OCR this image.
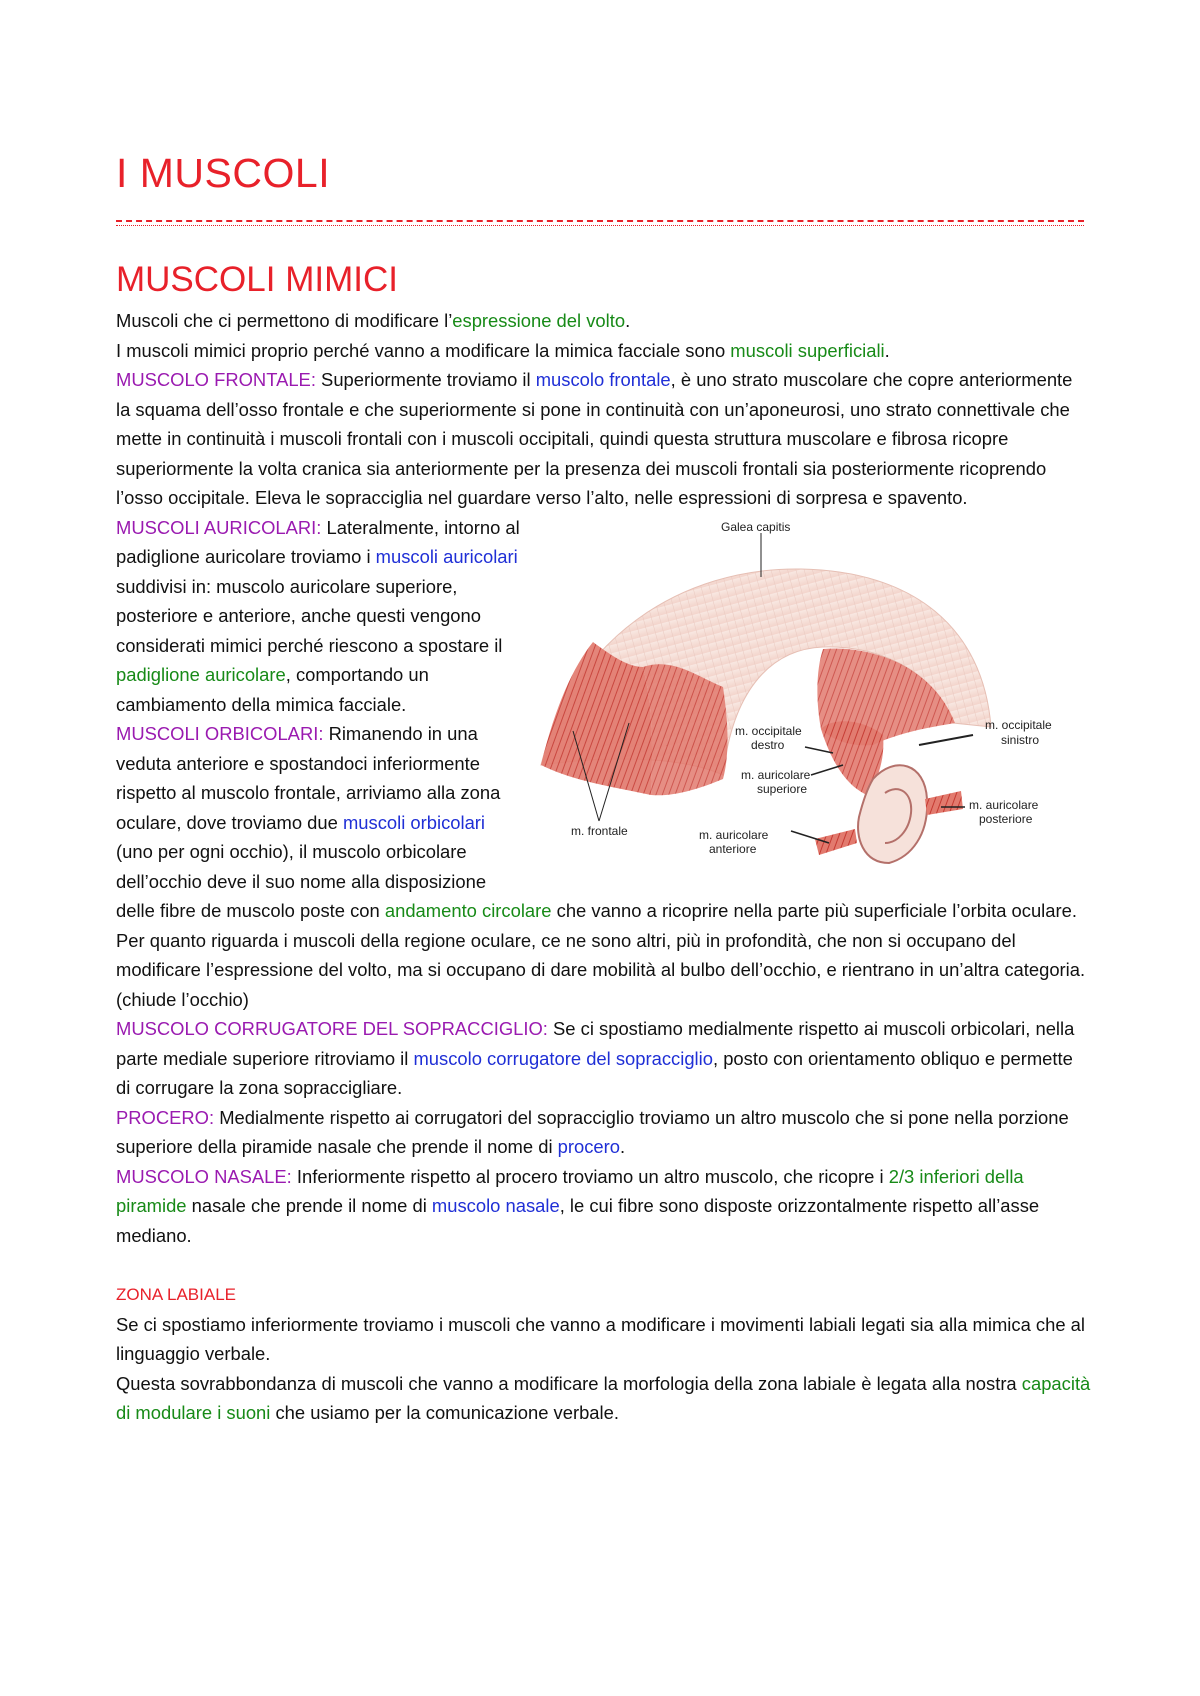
I MUSCOLI
MUSCOLI MIMICI

Muscoli che ci permettono di modificare l’espressione del volto.

I muscoli mimici proprio perché vanno a modificare la mimica facciale sono muscoli superficiali.

MUSCOLO FRONTALE: Superiormente troviamo il muscolo frontale, è uno strato muscolare che copre anteriormente la squama dell’osso frontale e che superiormente si pone in continuità con un’aponeurosi, uno strato connettivale che mette in continuità i muscoli frontali con i muscoli occipitali, quindi questa struttura muscolare e fibrosa ricopre superiormente la volta cranica sia anteriormente per la presenza dei muscoli frontali sia posteriormente ricoprendo l’osso occipitale. Eleva le sopracciglia nel guardare verso l’alto, nelle espressioni di sorpresa e spavento.

Galea capitis
m. occipitale
destro
m. auricolare
superiore
m. occipitale
sinistro
m. auricolare
posteriore
m. auricolare
anteriore
m. frontale

MUSCOLI AURICOLARI: Lateralmente, intorno al padiglione auricolare troviamo i muscoli auricolari suddivisi in: muscolo auricolare superiore, posteriore e anteriore, anche questi vengono considerati mimici perché riescono a spostare il padiglione auricolare, comportando un cambiamento della mimica facciale.

MUSCOLI ORBICOLARI: Rimanendo in una veduta anteriore e spostandoci inferiormente rispetto al muscolo frontale, arriviamo alla zona oculare, dove troviamo due muscoli orbicolari (uno per ogni occhio), il muscolo orbicolare dell’occhio deve il suo nome alla disposizione delle fibre de muscolo poste con andamento circolare che vanno a ricoprire nella parte più superficiale l’orbita oculare.

Per quanto riguarda i muscoli della regione oculare, ce ne sono altri, più in profondità, che non si occupano del modificare l’espressione del volto, ma si occupano di dare mobilità al bulbo dell’occhio, e rientrano in un’altra categoria. (chiude l’occhio)

MUSCOLO CORRUGATORE DEL SOPRACCIGLIO: Se ci spostiamo medialmente rispetto ai muscoli orbicolari, nella parte mediale superiore ritroviamo il muscolo corrugatore del sopracciglio, posto con orientamento obliquo e permette di corrugare la zona sopraccigliare.

PROCERO: Medialmente rispetto ai corrugatori del sopracciglio troviamo un altro muscolo che si pone nella porzione superiore della piramide nasale che prende il nome di procero.

MUSCOLO NASALE: Inferiormente rispetto al procero troviamo un altro muscolo, che ricopre i 2/3 inferiori della piramide nasale che prende il nome di muscolo nasale, le cui fibre sono disposte orizzontalmente rispetto all’asse mediano.

ZONA LABIALE

Se ci spostiamo inferiormente troviamo i muscoli che vanno a modificare i movimenti labiali legati sia alla mimica che al linguaggio verbale.

Questa sovrabbondanza di muscoli che vanno a modificare la morfologia della zona labiale è legata alla nostra capacità di modulare i suoni che usiamo per la comunicazione verbale.
